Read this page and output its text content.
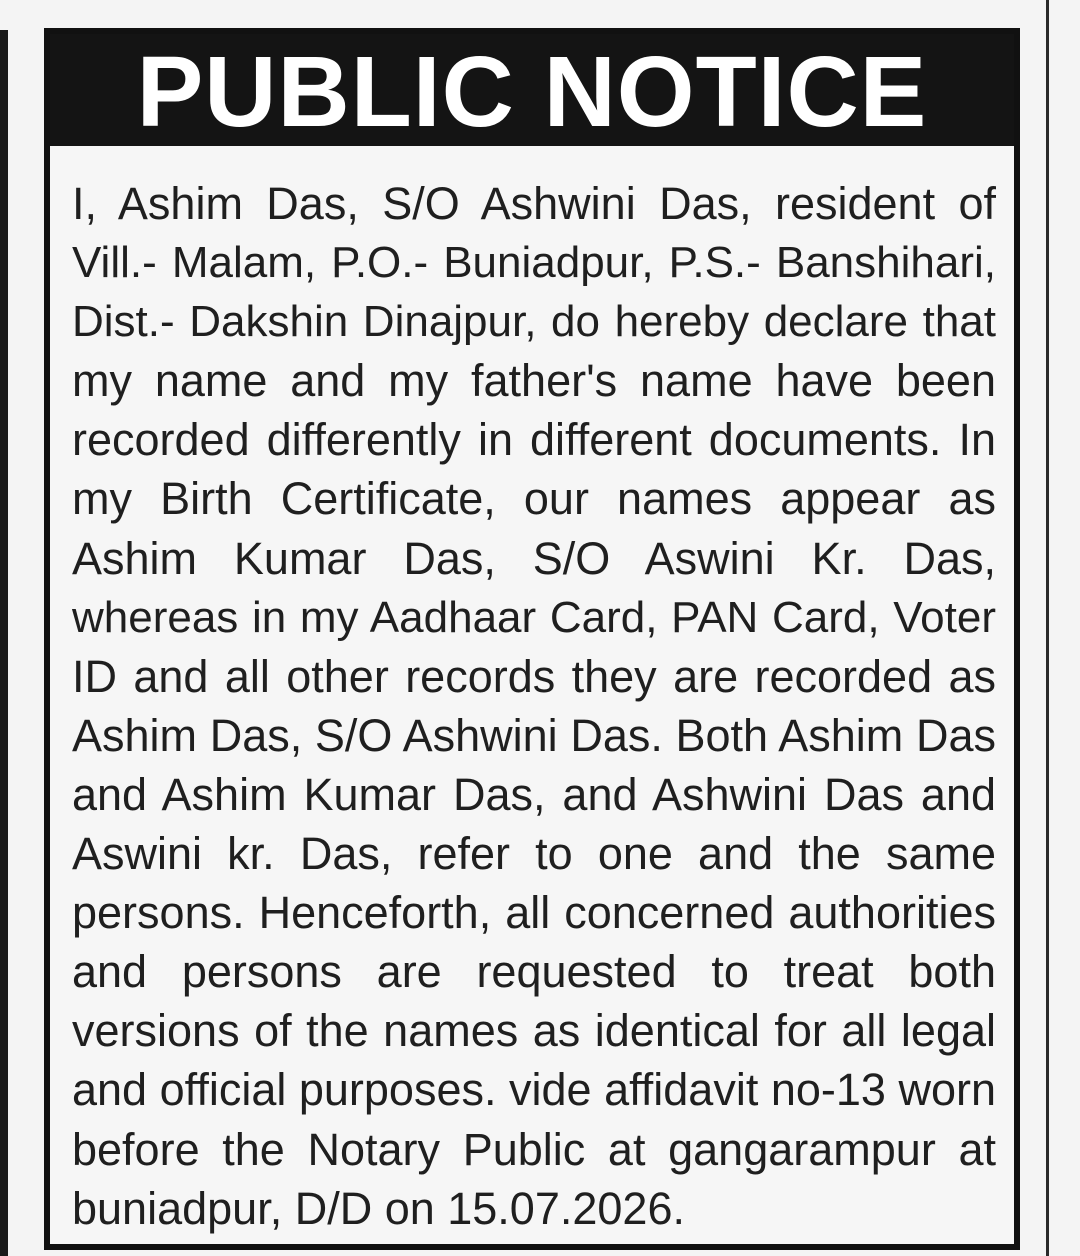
PUBLIC NOTICE
I, Ashim Das, S/O Ashwini Das, resident of
Vill.- Malam, P.O.- Buniadpur, P.S.- Banshihari,
Dist.- Dakshin Dinajpur, do hereby declare that
my name and my father's name have been
recorded differently in different documents. In
my Birth Certificate, our names appear as
Ashim Kumar Das, S/O Aswini Kr. Das,
whereas in my Aadhaar Card, PAN Card, Voter
ID and all other records they are recorded as
Ashim Das, S/O Ashwini Das. Both Ashim Das
and Ashim Kumar Das, and Ashwini Das and
Aswini kr. Das, refer to one and the same
persons. Henceforth, all concerned authorities
and persons are requested to treat both
versions of the names as identical for all legal
and official purposes. vide affidavit no-13 worn
before the Notary Public at gangarampur at
buniadpur, D/D on 15.07.2026.
